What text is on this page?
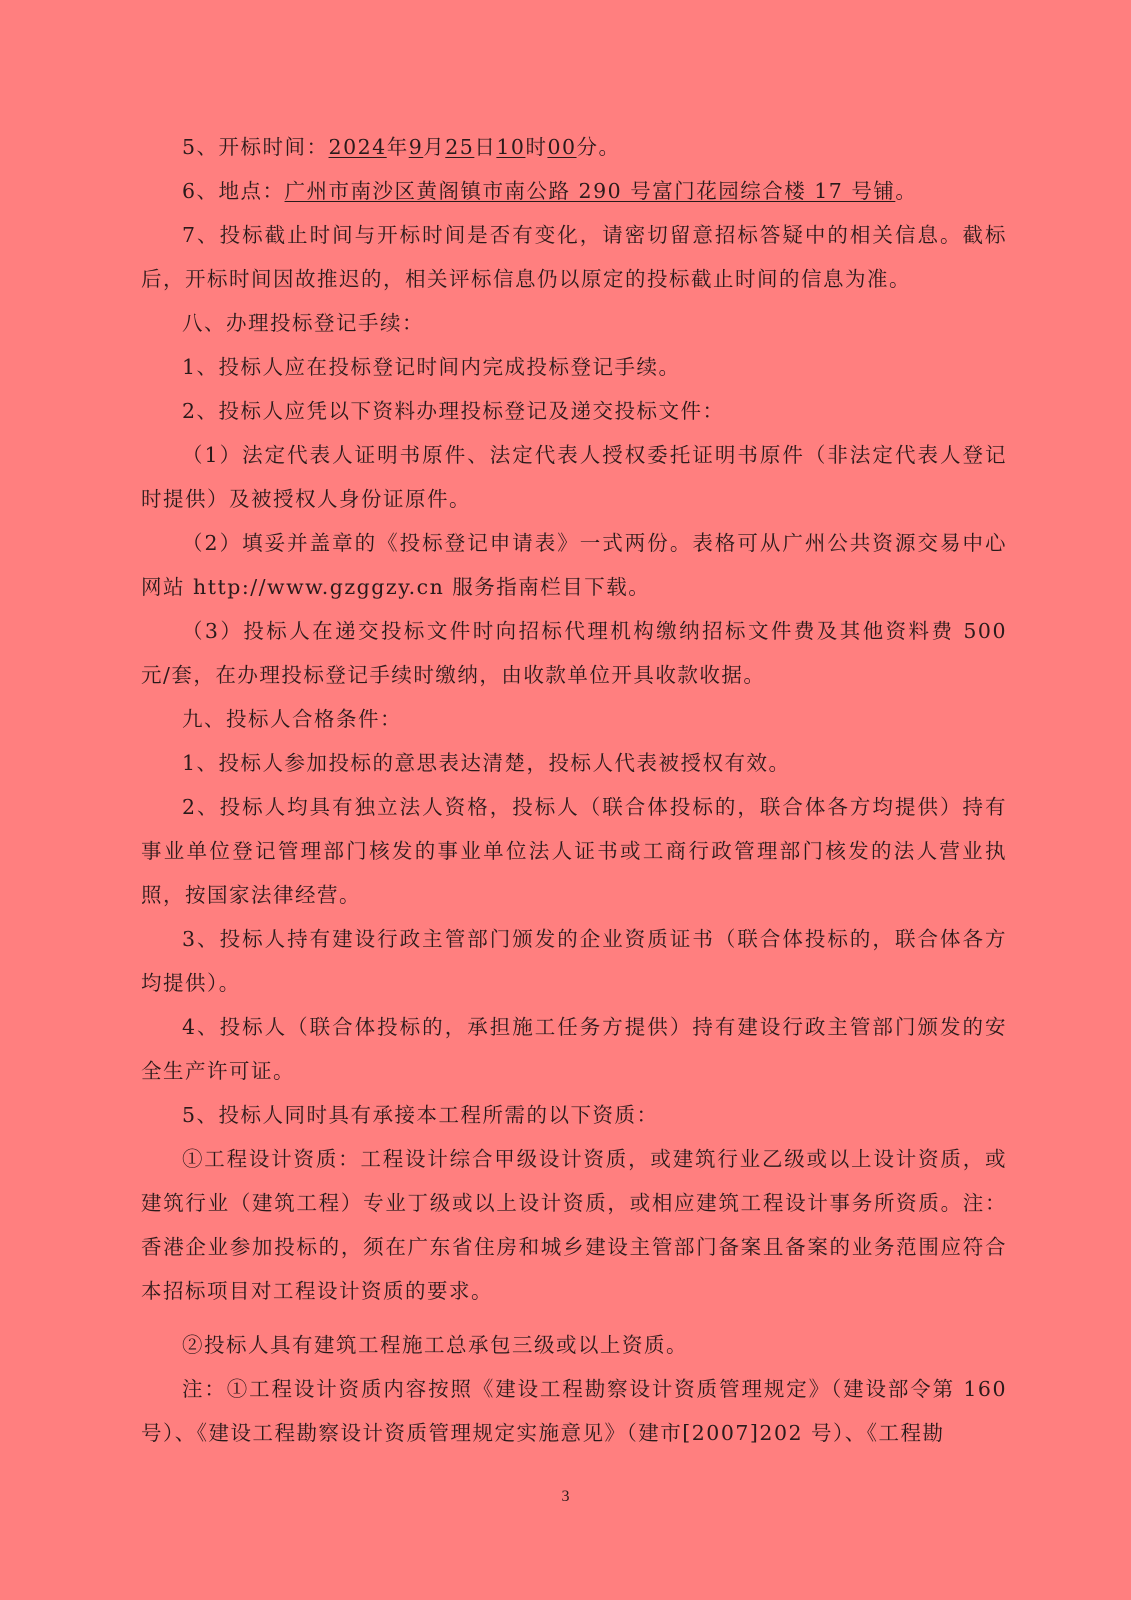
5、开标时间：2024年9月25日10时00分。

6、地点：广州市南沙区黄阁镇市南公路 290 号富门花园综合楼 17 号铺。

7、投标截止时间与开标时间是否有变化，请密切留意招标答疑中的相关信息。截标后，开标时间因故推迟的，相关评标信息仍以原定的投标截止时间的信息为准。

八、办理投标登记手续：

1、投标人应在投标登记时间内完成投标登记手续。

2、投标人应凭以下资料办理投标登记及递交投标文件：

（1）法定代表人证明书原件、法定代表人授权委托证明书原件（非法定代表人登记时提供）及被授权人身份证原件。

（2）填妥并盖章的《投标登记申请表》一式两份。表格可从广州公共资源交易中心网站 http://www.gzggzy.cn 服务指南栏目下载。

（3）投标人在递交投标文件时向招标代理机构缴纳招标文件费及其他资料费 500 元/套，在办理投标登记手续时缴纳，由收款单位开具收款收据。

九、投标人合格条件：

1、投标人参加投标的意思表达清楚，投标人代表被授权有效。

2、投标人均具有独立法人资格，投标人（联合体投标的，联合体各方均提供）持有事业单位登记管理部门核发的事业单位法人证书或工商行政管理部门核发的法人营业执照，按国家法律经营。

3、投标人持有建设行政主管部门颁发的企业资质证书（联合体投标的，联合体各方均提供）。

4、投标人（联合体投标的，承担施工任务方提供）持有建设行政主管部门颁发的安全生产许可证。

5、投标人同时具有承接本工程所需的以下资质：

①工程设计资质：工程设计综合甲级设计资质，或建筑行业乙级或以上设计资质，或建筑行业（建筑工程）专业丁级或以上设计资质，或相应建筑工程设计事务所资质。注：香港企业参加投标的，须在广东省住房和城乡建设主管部门备案且备案的业务范围应符合本招标项目对工程设计资质的要求。

②投标人具有建筑工程施工总承包三级或以上资质。

注：①工程设计资质内容按照《建设工程勘察设计资质管理规定》（建设部令第 160 号）、《建设工程勘察设计资质管理规定实施意见》（建市[2007]202 号）、《工程勘

3
